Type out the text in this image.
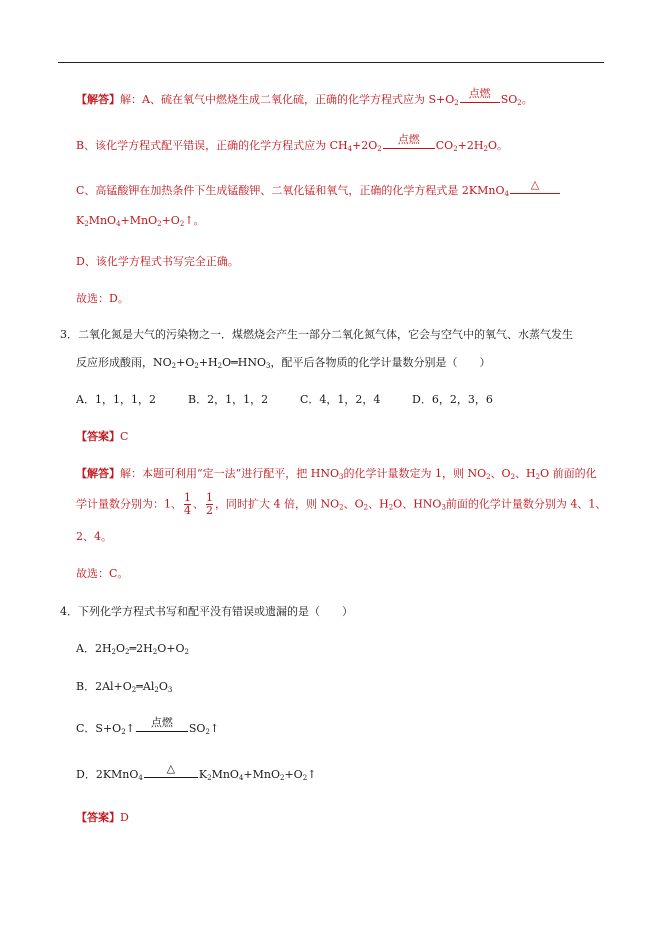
【解答】解：A、硫在氧气中燃烧生成二氧化硫，正确的化学方程式应为 $S+O_2$
点燃 $SO_2$。
B、该化学方程式配平错误，正确的化学方程式应为 $CH_4+2O_2$
点燃	$CO_2+2H_2O$。
C、高锰酸钾在加热条件下生成锰酸钾、二氧化锰和氧气，正确的化学方程式是 2KMnO$_4$
△
$K_2MnO_4+MnO_2+O_2↑$。
D、该化学方程式书写完全正确。
故选：D。
3．二氧化氮是大气的污染物之一．煤燃烧会产生一部分二氧化氮气体，它会与空气中的氧气、水蒸气发生
反应形成酸雨，$NO_2+O_2+H_2O═HNO_3$，配平后各物质的化学计量数分别是（　　）
A．1，1，1，2	B．2，1，1，2	C．4，1，2，4	D．6，2，3，6
【答案】C
【解答】解：本题可利用“定一法”进行配平，把 $HNO_3$的化学计量数定为 1，则 $NO_2$、$O_2$、$H_2O$ 前面的化
学计量数分别为：1、 $\frac{1}{4}$ 、 $\frac{1}{2}$ ，同时扩大 4 倍，则 $NO_2$、$O_2$、$H_2O$、$HNO_3$前面的化学计量数分别为 4、1、
2、4。
故选：C。
4．下列化学方程式书写和配平没有错误或遗漏的是（　　）
A．$2H_2O_2═2H_2O+O_2$
B．$2Al+O_2═Al_2O_3$
C．$S+O_2↑$	点燃	$SO_2↑$
D．2KMnO$_4$
△	$K_2MnO_4+MnO_2+O_2↑$
【答案】D
